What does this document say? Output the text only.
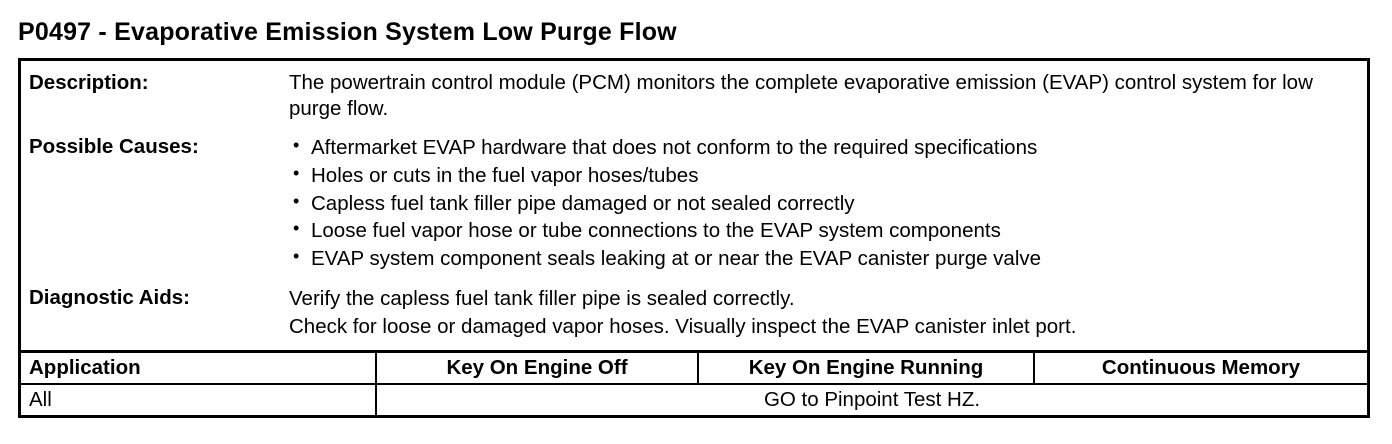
P0497 - Evaporative Emission System Low Purge Flow
Description:	The powertrain control module (PCM) monitors the complete evaporative emission (EVAP) control system for low purge flow.
Possible Causes:	• Aftermarket EVAP hardware that does not conform to the required specifications
• Holes or cuts in the fuel vapor hoses/tubes
• Capless fuel tank filler pipe damaged or not sealed correctly
• Loose fuel vapor hose or tube connections to the EVAP system components
• EVAP system component seals leaking at or near the EVAP canister purge valve
Diagnostic Aids:	Verify the capless fuel tank filler pipe is sealed correctly.
Check for loose or damaged vapor hoses. Visually inspect the EVAP canister inlet port.
Application	Key On Engine Off	Key On Engine Running	Continuous Memory
All	GO to Pinpoint Test HZ.		
